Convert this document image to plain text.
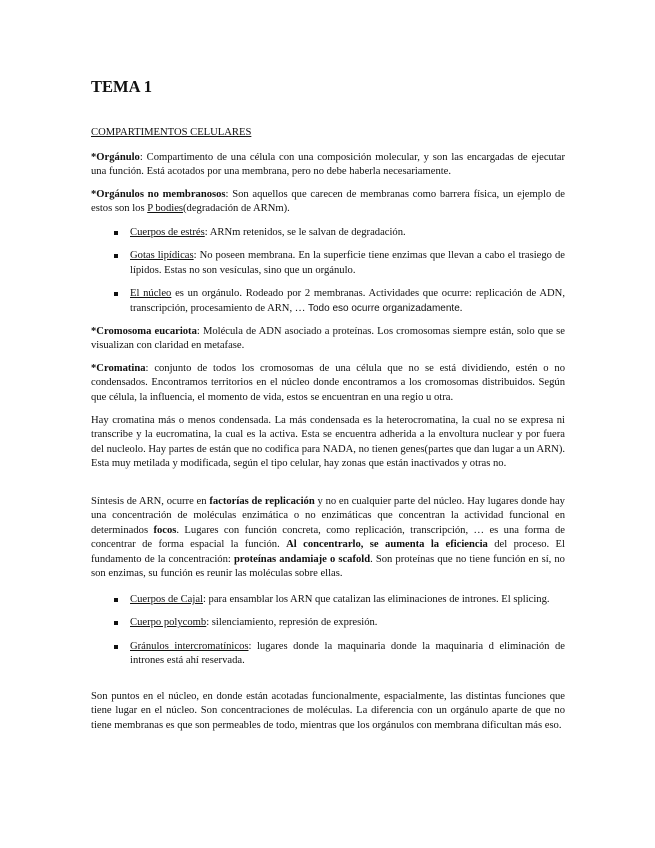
TEMA 1
COMPARTIMENTOS CELULARES

*Orgánulo: Compartimento de una célula con una composición molecular, y son las encargadas de ejecutar una función. Está acotados por una membrana, pero no debe haberla necesariamente.

*Orgánulos no membranosos: Son aquellos que carecen de membranas como barrera física, un ejemplo de estos son los P bodies(degradación de ARNm).

Cuerpos de estrés: ARNm retenidos, se le salvan de degradación.
Gotas lipídicas: No poseen membrana. En la superficie tiene enzimas que llevan a cabo el trasiego de lípidos. Estas no son vesículas, sino que un orgánulo.
El núcleo es un orgánulo. Rodeado por 2 membranas. Actividades que ocurre: replicación de ADN, transcripción, procesamiento de ARN, … Todo eso ocurre organizadamente.

*Cromosoma eucariota: Molécula de ADN asociado a proteínas. Los cromosomas siempre están, solo que se visualizan con claridad en metafase.

*Cromatina: conjunto de todos los cromosomas de una célula que no se está dividiendo, estén o no condensados. Encontramos territorios en el núcleo donde encontramos a los cromosomas distribuidos. Según que célula, la influencia, el momento de vida, estos se encuentran en una regio u otra.

Hay cromatina más o menos condensada. La más condensada es la heterocromatina, la cual no se expresa ni transcribe y la eucromatina, la cual es la activa. Esta se encuentra adherida a la envoltura nuclear y por fuera del nucleolo. Hay partes de están que no codifica para NADA, no tienen genes(partes que dan lugar a un ARN). Esta muy metilada y modificada, según el tipo celular, hay zonas que están inactivados y otras no.

Síntesis de ARN, ocurre en factorías de replicación y no en cualquier parte del núcleo. Hay lugares donde hay una concentración de moléculas enzimática o no enzimáticas que concentran la actividad funcional en determinados focos. Lugares con función concreta, como replicación, transcripción, … es una forma de concentrar de forma espacial la función. Al concentrarlo, se aumenta la eficiencia del proceso. El fundamento de la concentración: proteínas andamiaje o scafold. Son proteínas que no tiene función en sí, no son enzimas, su función es reunir las moléculas sobre ellas.

Cuerpos de Cajal: para ensamblar los ARN que catalizan las eliminaciones de intrones. El splicing.
Cuerpo polycomb: silenciamiento, represión de expresión.
Gránulos intercromatínicos: lugares donde la maquinaria donde la maquinaria d eliminación de intrones está ahí reservada.

Son puntos en el núcleo, en donde están acotadas funcionalmente, espacialmente, las distintas funciones que tiene lugar en el núcleo. Son concentraciones de moléculas. La diferencia con un orgánulo aparte de que no tiene membranas es que son permeables de todo, mientras que los orgánulos con membrana dificultan más eso.
